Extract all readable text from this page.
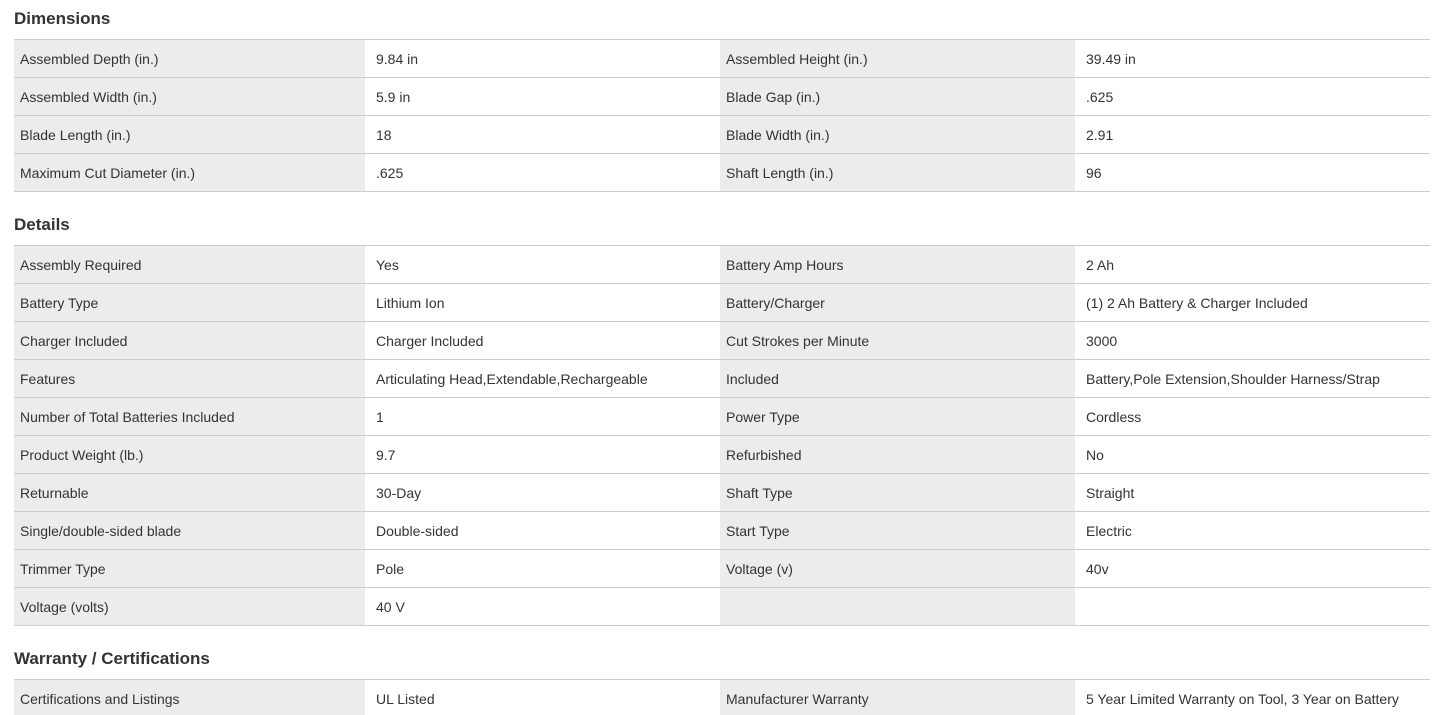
Dimensions
Assembled Depth (in.)	9.84 in	Assembled Height (in.)	39.49 in
Assembled Width (in.)	5.9 in	Blade Gap (in.)	.625
Blade Length (in.)	18	Blade Width (in.)	2.91
Maximum Cut Diameter (in.)	.625	Shaft Length (in.)	96
Details
Assembly Required	Yes	Battery Amp Hours	2 Ah
Battery Type	Lithium Ion	Battery/Charger	(1) 2 Ah Battery & Charger Included
Charger Included	Charger Included	Cut Strokes per Minute	3000
Features	Articulating Head,Extendable,Rechargeable	Included	Battery,Pole Extension,Shoulder Harness/Strap
Number of Total Batteries Included	1	Power Type	Cordless
Product Weight (lb.)	9.7	Refurbished	No
Returnable	30-Day	Shaft Type	Straight
Single/double-sided blade	Double-sided	Start Type	Electric
Trimmer Type	Pole	Voltage (v)	40v
Voltage (volts)	40 V
Warranty / Certifications
Certifications and Listings	UL Listed	Manufacturer Warranty	5 Year Limited Warranty on Tool, 3 Year on Battery
